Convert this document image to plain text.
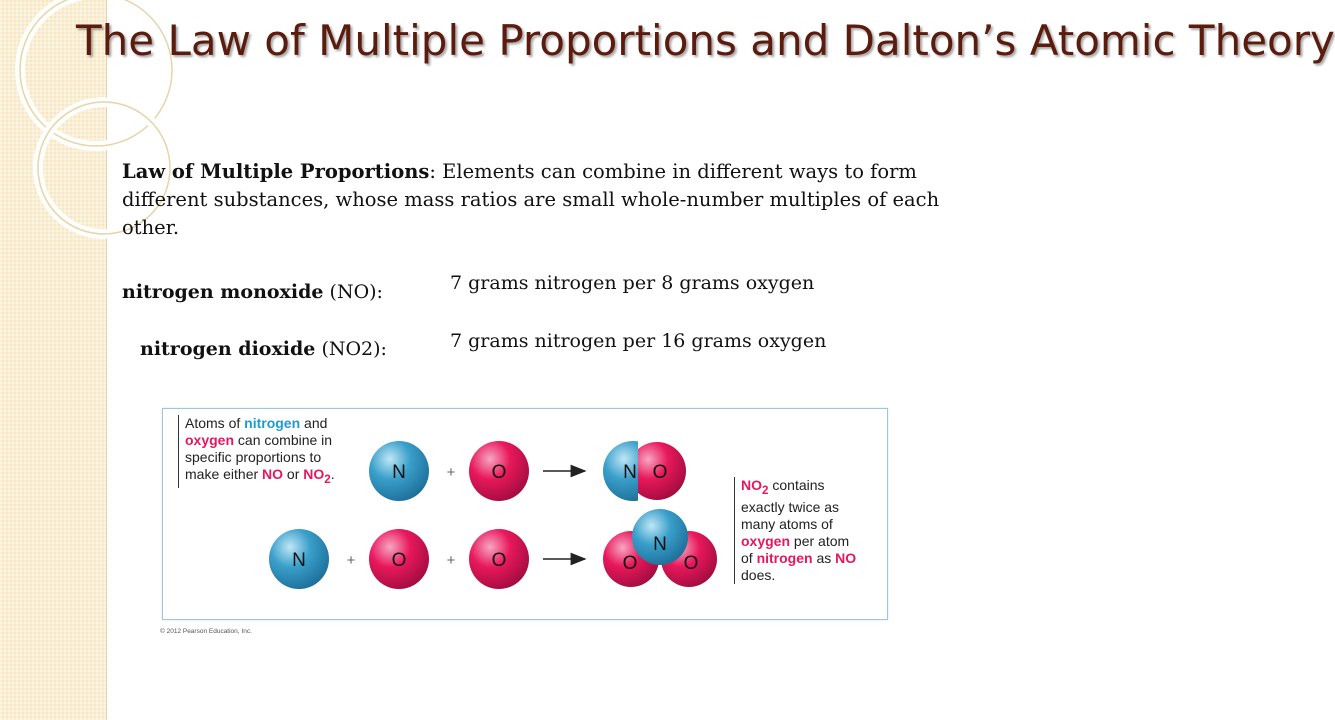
The Law of Multiple Proportions and Dalton’s Atomic Theory

Law of Multiple Proportions: Elements can combine in different ways to form different substances, whose mass ratios are small whole-number multiples of each other.

nitrogen monoxide (NO):	7 grams nitrogen per 8 grams oxygen
nitrogen dioxide (NO2):	7 grams nitrogen per 16 grams oxygen
Atoms of nitrogen and
oxygen can combine in
specific proportions to
make either NO or $NO_2$.	N	+ O	N O
N	+ O	+ O
N
O O
$NO_2$ contains
exactly twice as
many atoms of
oxygen per atom
of nitrogen as NO
does.
© 2012 Pearson Education, Inc.
